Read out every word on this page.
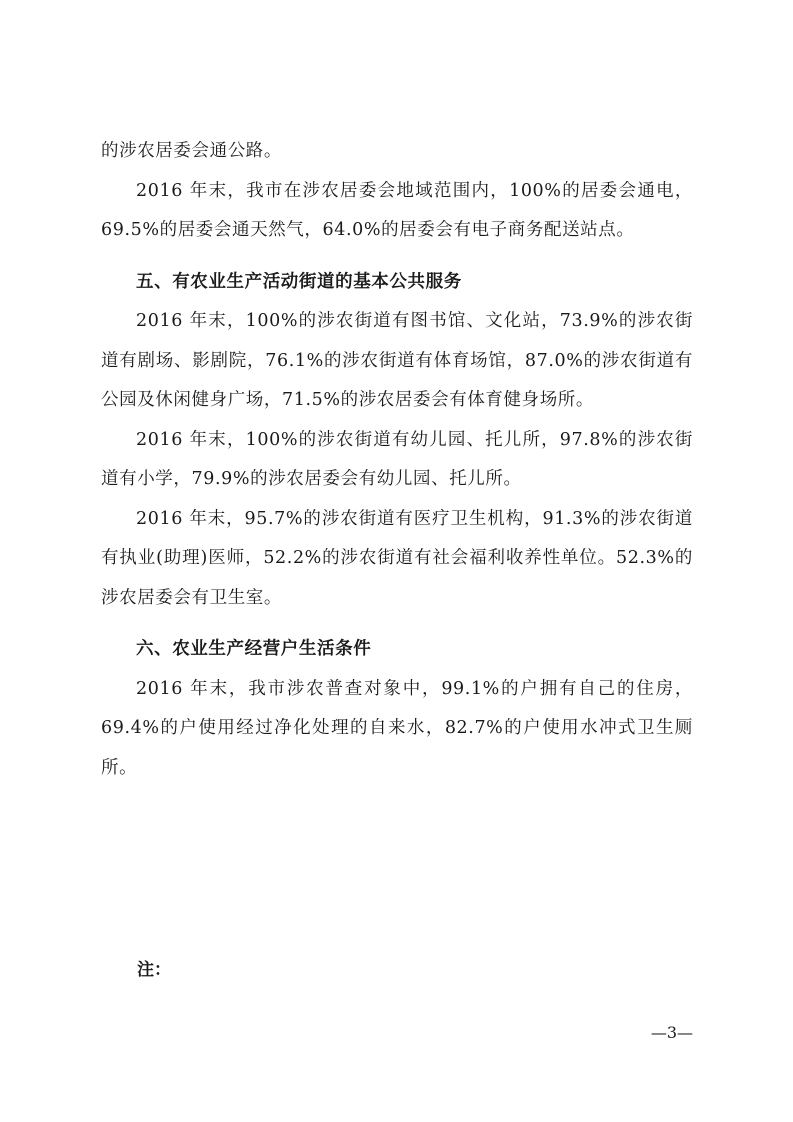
的涉农居委会通公路。

2016 年末，我市在涉农居委会地域范围内，100%的居委会通电，69.5%的居委会通天然气，64.0%的居委会有电子商务配送站点。

五、有农业生产活动街道的基本公共服务

2016 年末，100%的涉农街道有图书馆、文化站，73.9%的涉农街道有剧场、影剧院，76.1%的涉农街道有体育场馆，87.0%的涉农街道有公园及休闲健身广场，71.5%的涉农居委会有体育健身场所。

2016 年末，100%的涉农街道有幼儿园、托儿所，97.8%的涉农街道有小学，79.9%的涉农居委会有幼儿园、托儿所。

2016 年末，95.7%的涉农街道有医疗卫生机构，91.3%的涉农街道有执业(助理)医师，52.2%的涉农街道有社会福利收养性单位。52.3%的涉农居委会有卫生室。

六、农业生产经营户生活条件

2016 年末，我市涉农普查对象中，99.1%的户拥有自己的住房，69.4%的户使用经过净化处理的自来水，82.7%的户使用水冲式卫生厕所。

注：
—3—
